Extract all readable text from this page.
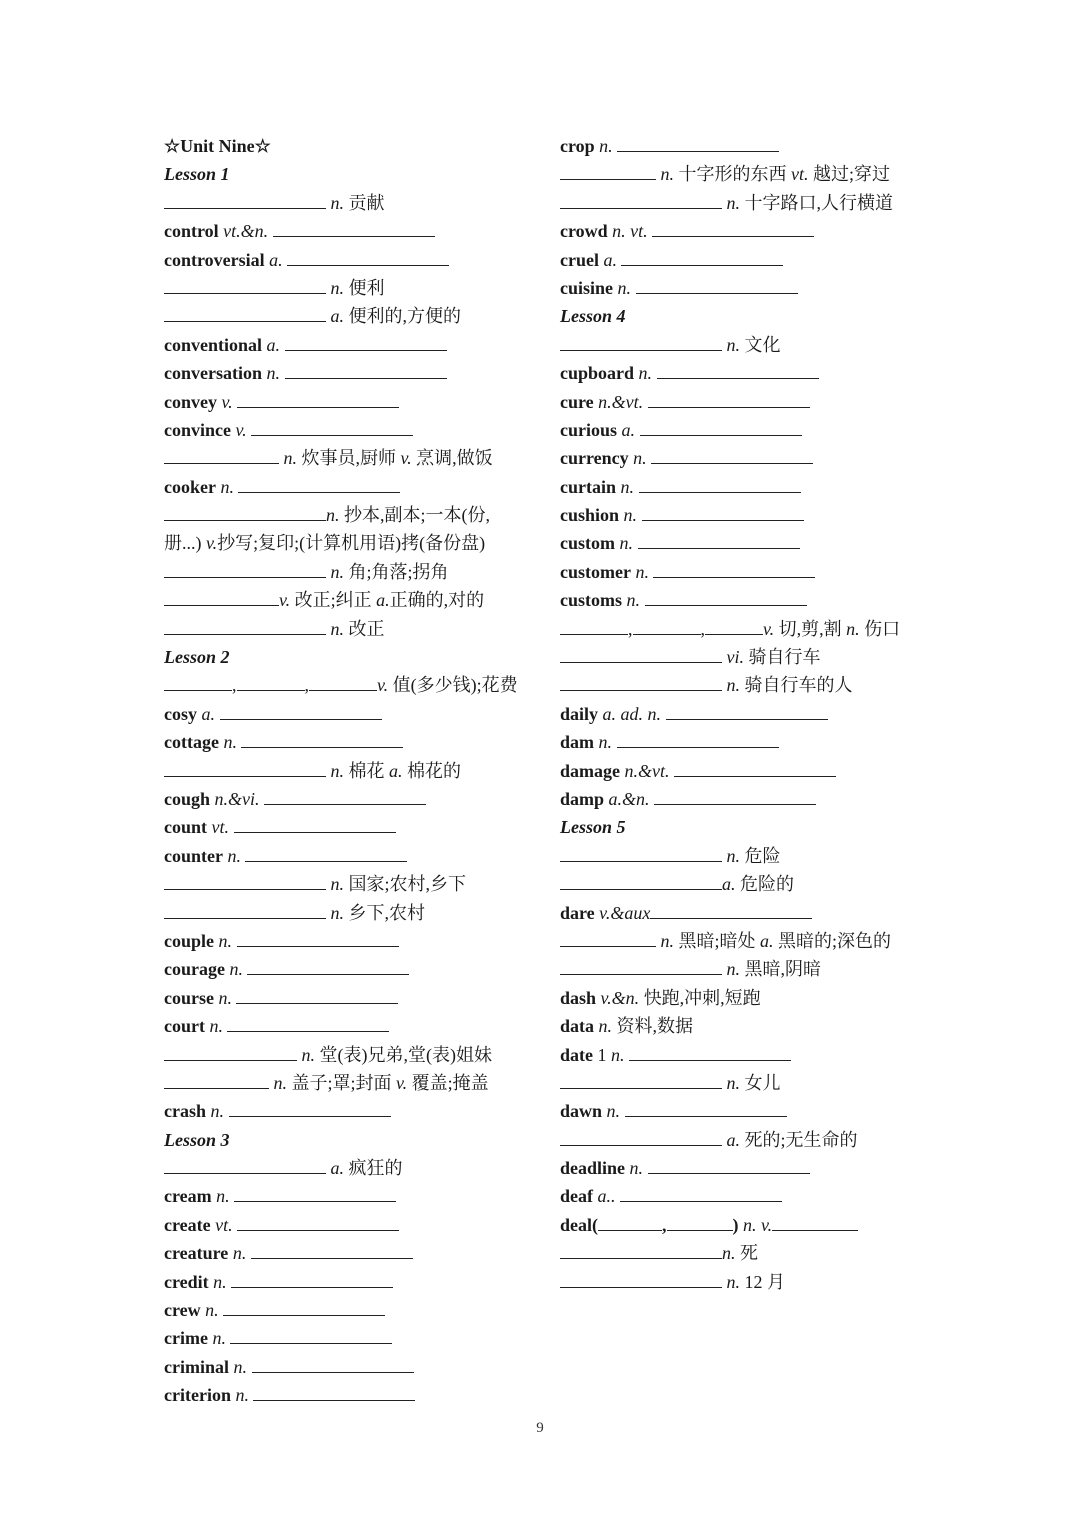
☆Unit Nine☆
Lesson 1
n. 贡献
control vt.&n.
controversial a.
n. 便利
a. 便利的,方便的
conventional a.
conversation n.
convey v.
convince v.
n. 炊事员,厨师 v. 烹调,做饭
cooker n.
n. 抄本,副本;一本(份,
册...) v.抄写;复印;(计算机用语)拷(备份盘)
n. 角;角落;拐角
v. 改正;纠正 a.正确的,对的
n. 改正
Lesson 2
,	,	v. 值(多少钱);花费
cosy a.
cottage n.
n. 棉花 a. 棉花的
cough n.&vi.
count vt.
counter n.
n. 国家;农村,乡下
n. 乡下,农村
couple n.
courage n.
course n.
court n.
n. 堂(表)兄弟,堂(表)姐妹
n. 盖子;罩;封面 v. 覆盖;掩盖
crash n.
Lesson 3
a. 疯狂的
cream n.
create vt.
creature n.
credit n.
crew n.
crime n.
criminal n.
criterion n.
crop n.
n. 十字形的东西 vt. 越过;穿过
n. 十字路口,人行横道
crowd n. vt.
cruel a.
cuisine n.
Lesson 4
n. 文化
cupboard n.
cure n.&vt.
curious a.
currency n.
curtain n.
cushion n.
custom n.
customer n.
customs n.
,	,	v. 切,剪,割 n. 伤口
vi. 骑自行车
n. 骑自行车的人
daily a. ad. n.
dam n.
damage n.&vt.
damp a.&n.
Lesson 5
n. 危险
a. 危险的
dare v.&aux
n. 黑暗;暗处 a. 黑暗的;深色的
n. 黑暗,阴暗
dash v.&n. 快跑,冲刺,短跑
data n. 资料,数据
date 1 n.
n. 女儿
dawn n.
a. 死的;无生命的
deadline n.
deaf a..
deal(	,	) n. v.
n. 死
n. 12 月
9
